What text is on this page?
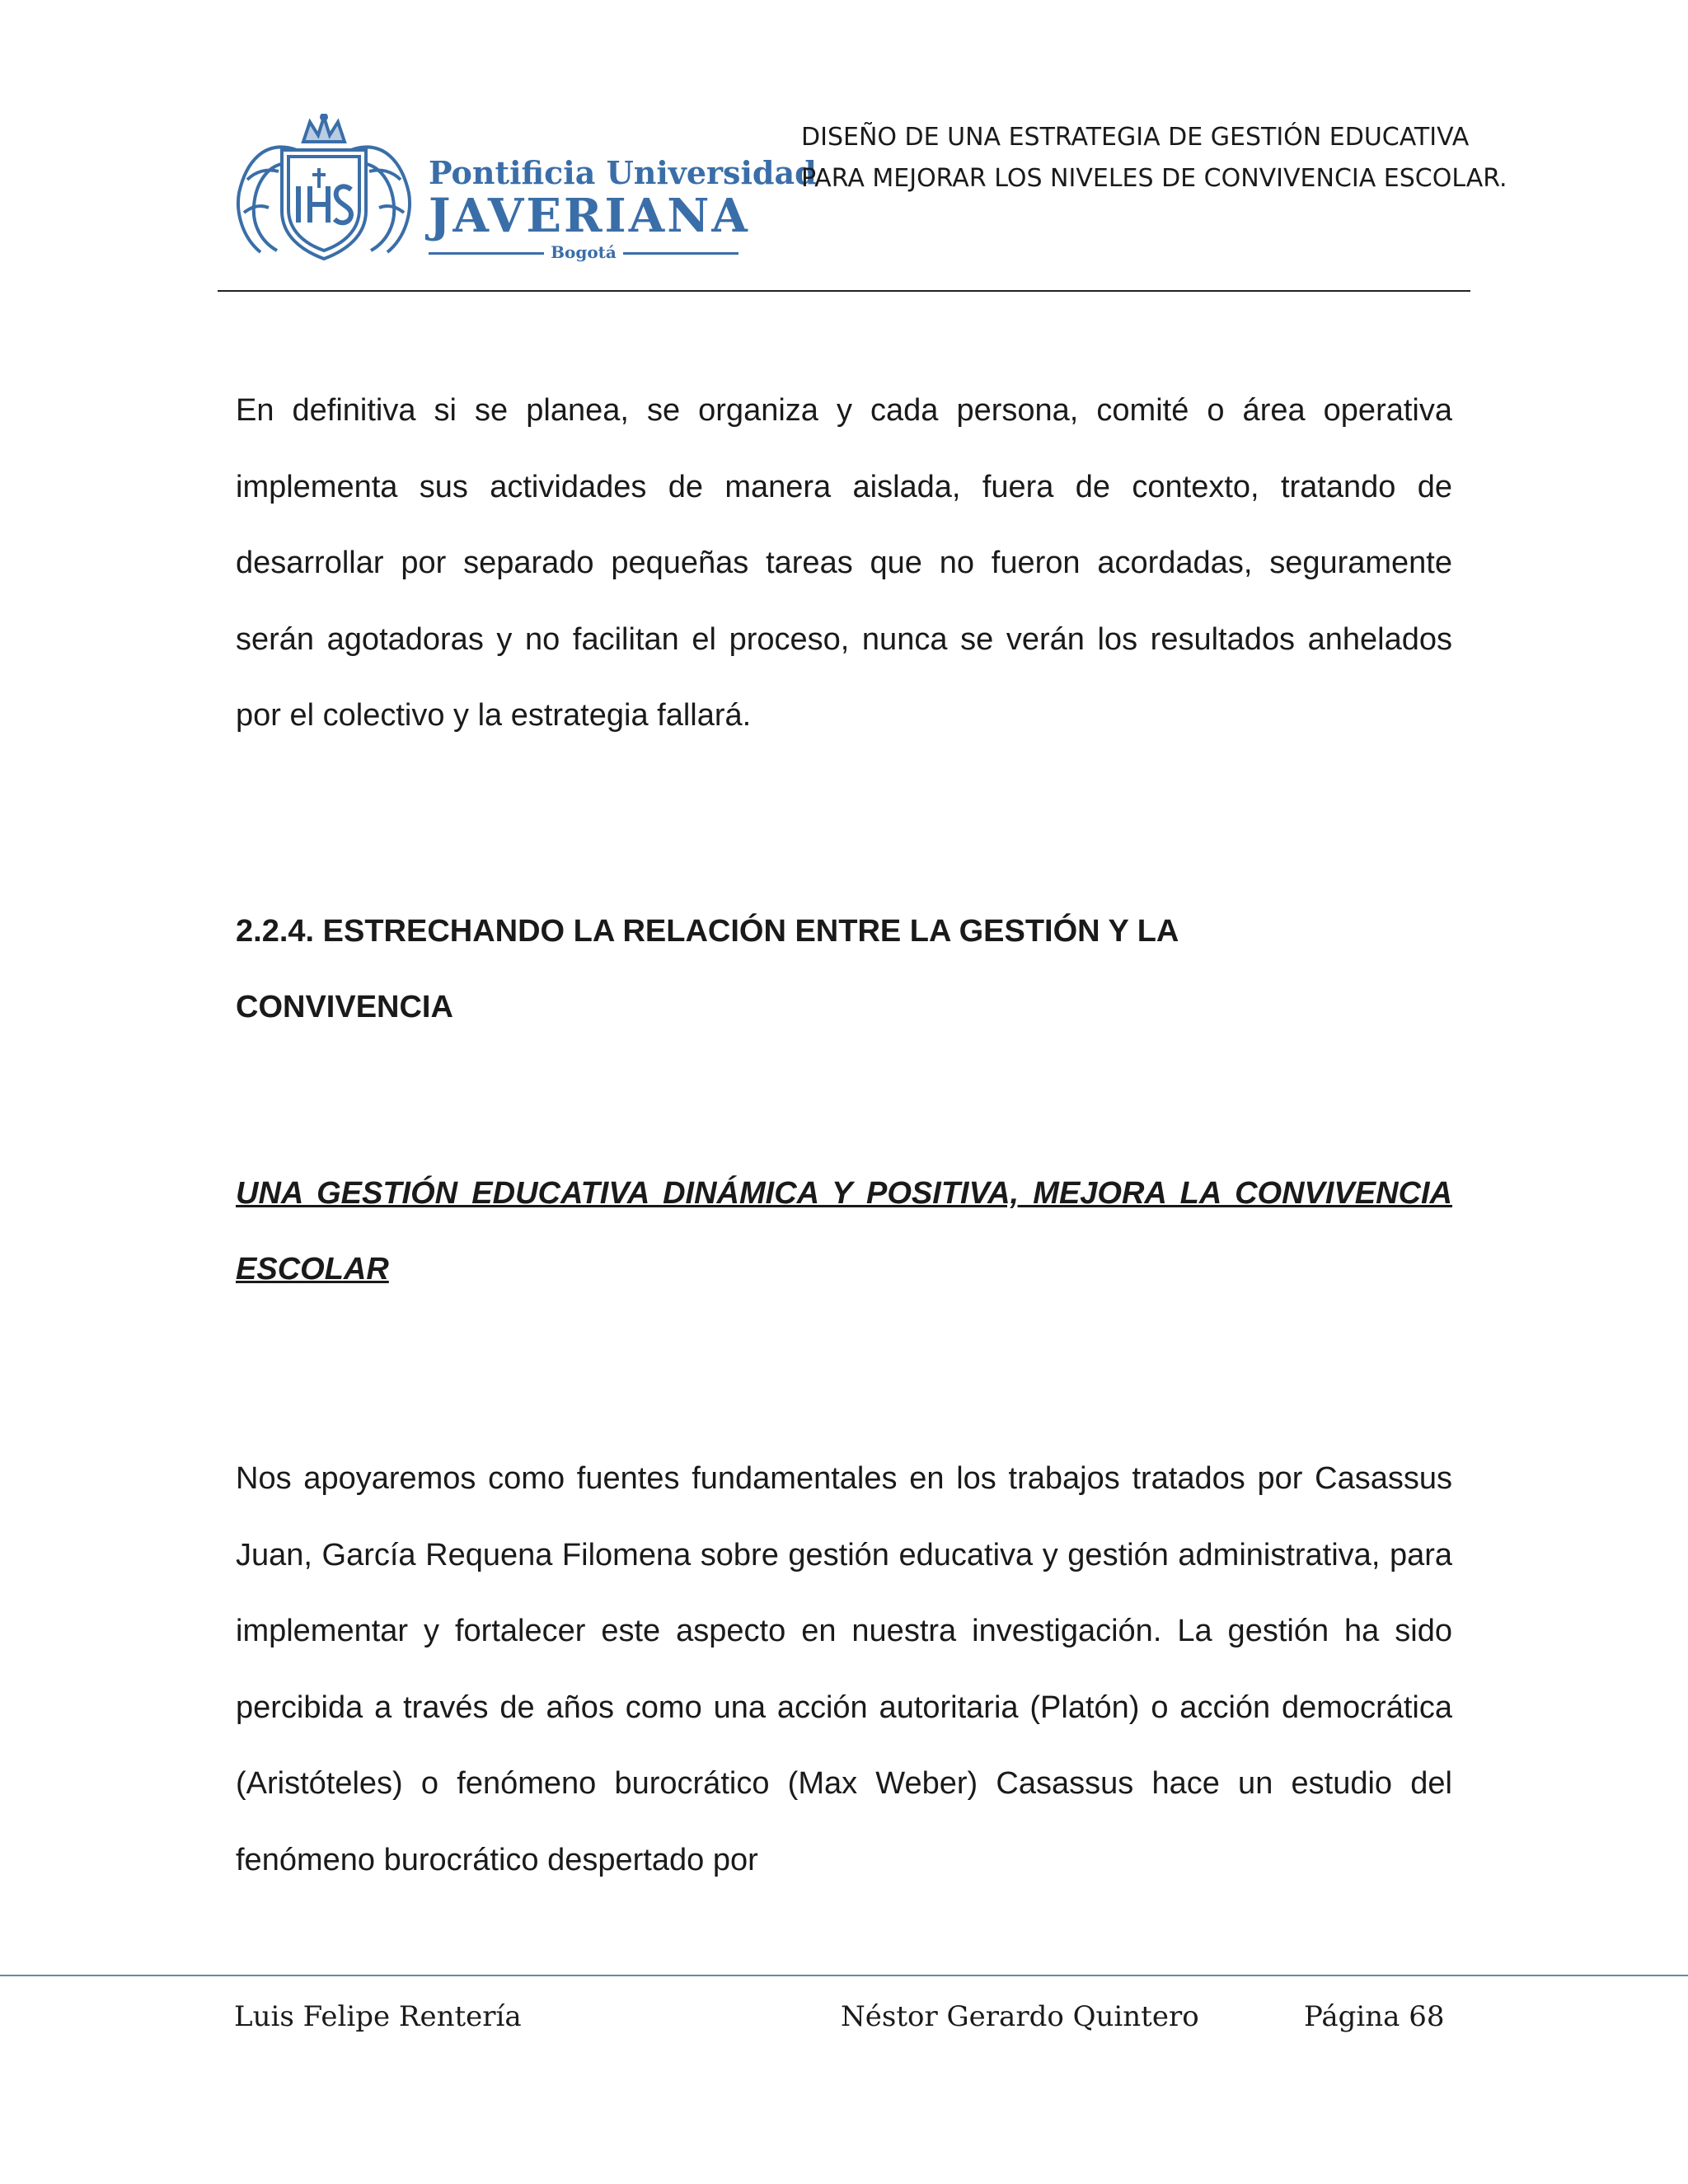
Pontificia Universidad
JAVERIANA
Bogotá
DISEÑO DE UNA ESTRATEGIA DE GESTIÓN EDUCATIVA
PARA MEJORAR LOS NIVELES DE CONVIVENCIA ESCOLAR.

En definitiva si se planea, se organiza y cada persona, comité o área operativa implementa sus actividades de manera aislada, fuera de contexto, tratando de desarrollar por separado pequeñas tareas que no fueron acordadas, seguramente serán agotadoras y no facilitan el proceso, nunca se verán los resultados anhelados por el colectivo y la estrategia fallará.

2.2.4. ESTRECHANDO LA RELACIÓN ENTRE LA GESTIÓN Y LA
CONVIVENCIA
UNA GESTIÓN EDUCATIVA DINÁMICA Y POSITIVA, MEJORA LA CONVIVENCIA ESCOLAR

Nos apoyaremos como fuentes fundamentales en los trabajos tratados por Casassus Juan, García Requena Filomena sobre gestión educativa y gestión administrativa, para implementar y fortalecer este aspecto en nuestra investigación. La gestión ha sido percibida a través de años como una acción autoritaria (Platón) o acción democrática (Aristóteles) o fenómeno burocrático (Max Weber) Casassus hace un estudio del fenómeno burocrático despertado por

Luis Felipe Rentería	Néstor Gerardo Quintero	Página 68
